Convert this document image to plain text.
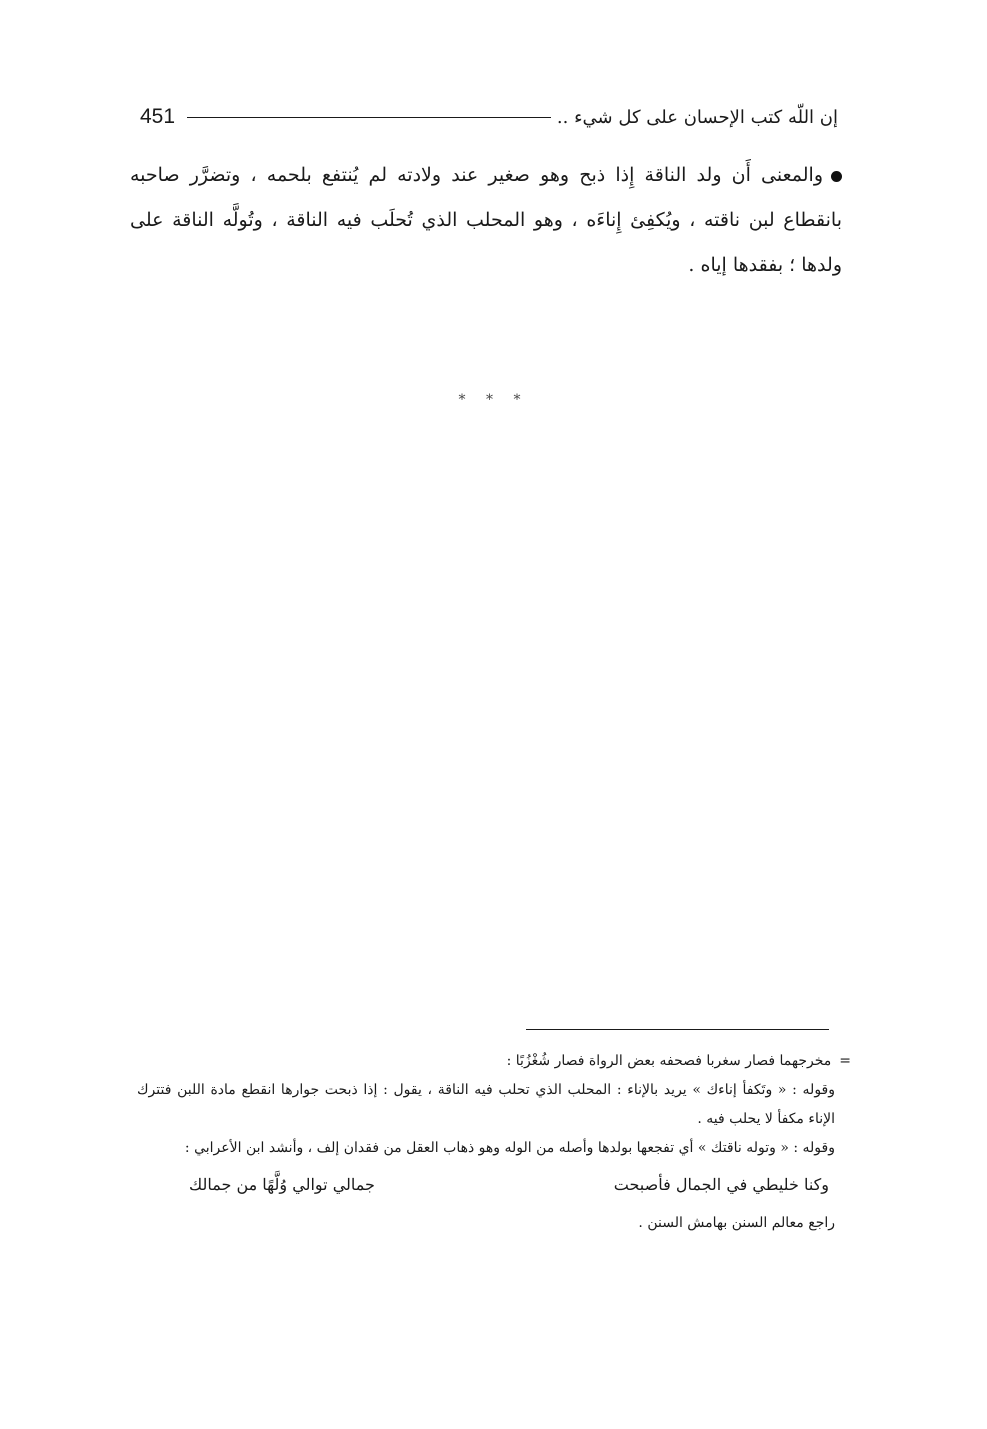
451	إن اللّه كتب الإحسان على كل شيء ..
والمعنى أَن ولد الناقة إِذا ذبح وهو صغير عند ولادته لم يُنتفع بلحمه ، وتضرَّر صاحبه بانقطاع لبن ناقته ، ويُكفِئ إِناءَه ، وهو المحلب الذي تُحلَب فيه الناقة ، وتُولَّه الناقة على ولدها ؛ بفقدها إياه .
* * *

=مخرجهما فصار سغربا فصحفه بعض الرواة فصار شُغْزُبًا :

وقوله : « وتَكفأ إناءك » يريد بالإناء : المحلب الذي تحلب فيه الناقة ، يقول : إذا ذبحت جوارها انقطع مادة اللبن فتترك الإناء مكفأ لا يحلب فيه .

وقوله : « وتوله ناقتك » أي تفجعها بولدها وأصله من الوله وهو ذهاب العقل من فقدان إلف ، وأنشد ابن الأعرابي :

وكنا خليطي في الجمال فأصبحت
جمالي توالي وُلَّهًا من جمالك

راجع معالم السنن بهامش السنن .
